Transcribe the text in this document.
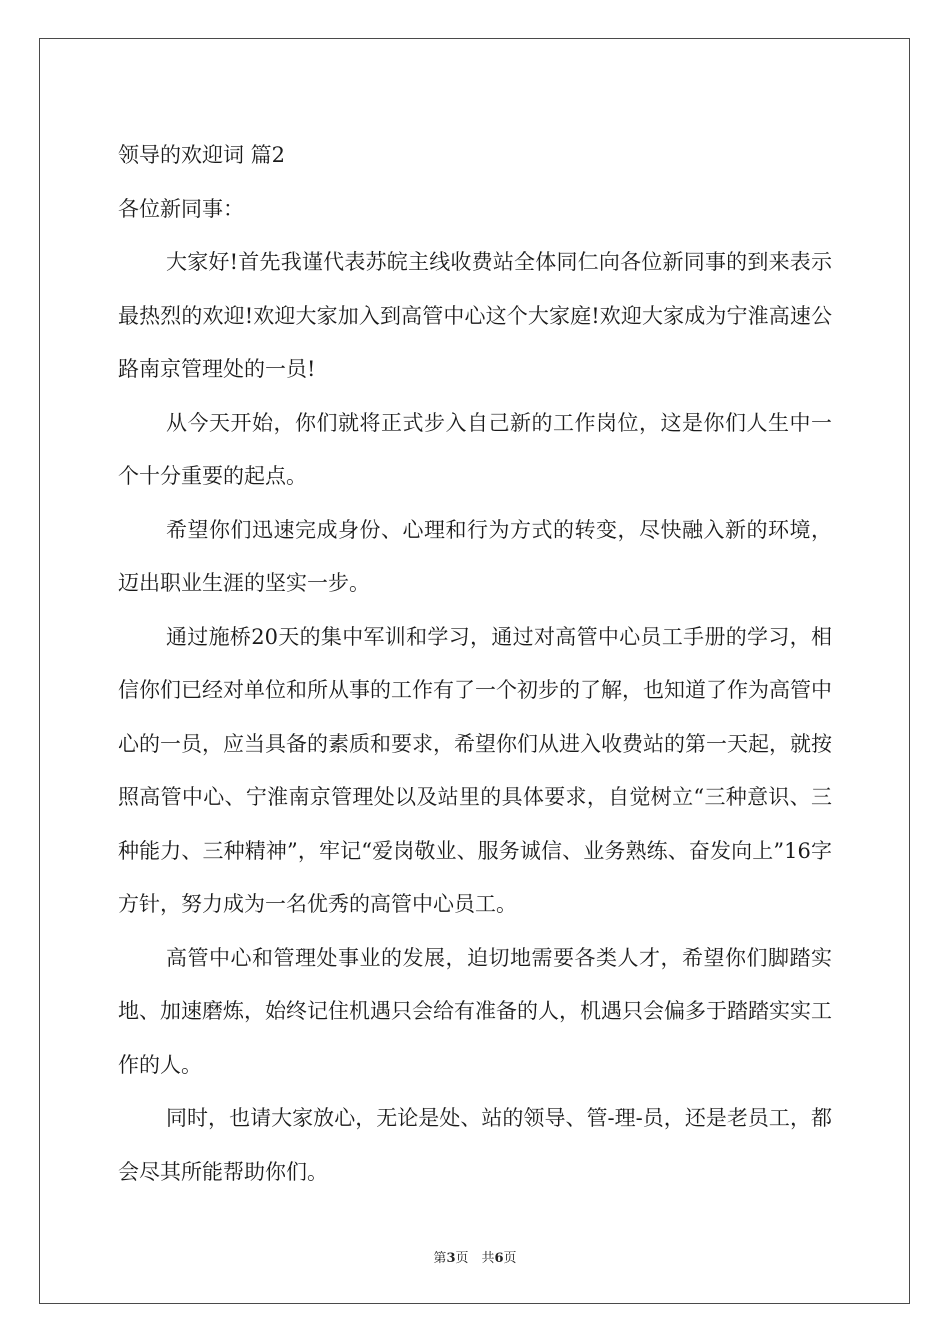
领导的欢迎词 篇2
各位新同事：

大家好!首先我谨代表苏皖主线收费站全体同仁向各位新同事的到来表示最热烈的欢迎!欢迎大家加入到高管中心这个大家庭!欢迎大家成为宁淮高速公路南京管理处的一员!

从今天开始，你们就将正式步入自己新的工作岗位，这是你们人生中一个十分重要的起点。

希望你们迅速完成身份、心理和行为方式的转变，尽快融入新的环境，迈出职业生涯的坚实一步。

通过施桥20天的集中军训和学习，通过对高管中心员工手册的学习，相信你们已经对单位和所从事的工作有了一个初步的了解，也知道了作为高管中心的一员，应当具备的素质和要求，希望你们从进入收费站的第一天起，就按照高管中心、宁淮南京管理处以及站里的具体要求，自觉树立“三种意识、三种能力、三种精神”，牢记“爱岗敬业、服务诚信、业务熟练、奋发向上”16字方针，努力成为一名优秀的高管中心员工。

高管中心和管理处事业的发展，迫切地需要各类人才，希望你们脚踏实地、加速磨炼，始终记住机遇只会给有准备的人，机遇只会偏多于踏踏实实工作的人。

同时，也请大家放心，无论是处、站的领导、管-理-员，还是老员工，都会尽其所能帮助你们。

第3页　共6页
